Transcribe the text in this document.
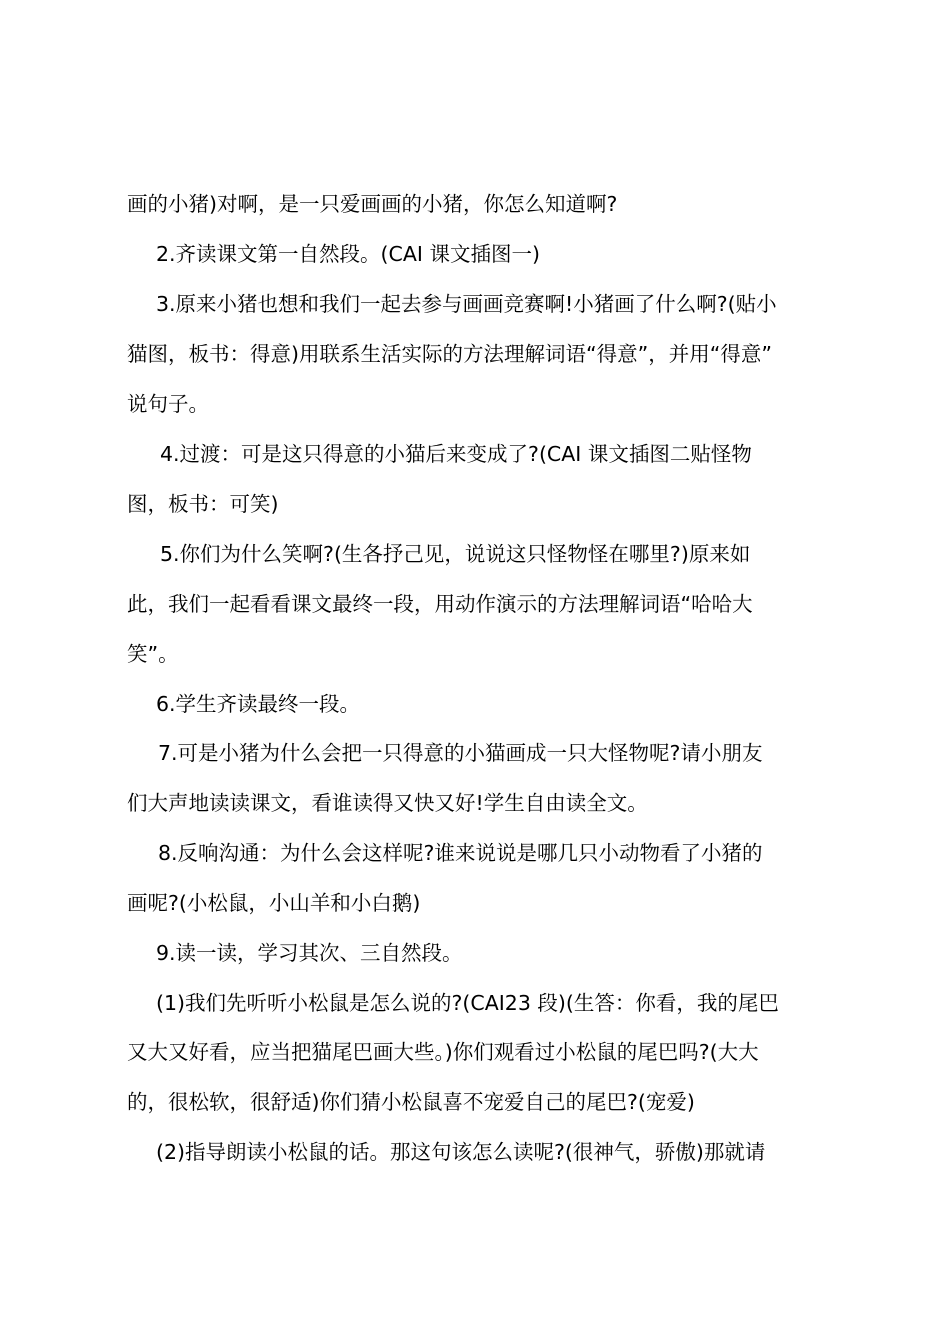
画的小猪)对啊，是一只爱画画的小猪，你怎么知道啊?
2.齐读课文第一自然段。(CAI 课文插图一)
3.原来小猪也想和我们一起去参与画画竞赛啊!小猪画了什么啊?(贴小
猫图，板书：得意)用联系生活实际的方法理解词语“得意”，并用“得意”
说句子。
4.过渡：可是这只得意的小猫后来变成了?(CAI 课文插图二贴怪物
图，板书：可笑)
5.你们为什么笑啊?(生各抒己见，说说这只怪物怪在哪里?)原来如
此，我们一起看看课文最终一段，用动作演示的方法理解词语“哈哈大
笑”。
6.学生齐读最终一段。
7.可是小猪为什么会把一只得意的小猫画成一只大怪物呢?请小朋友
们大声地读读课文，看谁读得又快又好!学生自由读全文。
8.反响沟通：为什么会这样呢?谁来说说是哪几只小动物看了小猪的
画呢?(小松鼠，小山羊和小白鹅)
9.读一读，学习其次、三自然段。
(1)我们先听听小松鼠是怎么说的?(CAI23 段)(生答：你看，我的尾巴
又大又好看，应当把猫尾巴画大些。)你们观看过小松鼠的尾巴吗?(大大
的，很松软，很舒适)你们猜小松鼠喜不宠爱自己的尾巴?(宠爱)
(2)指导朗读小松鼠的话。那这句该怎么读呢?(很神气，骄傲)那就请
